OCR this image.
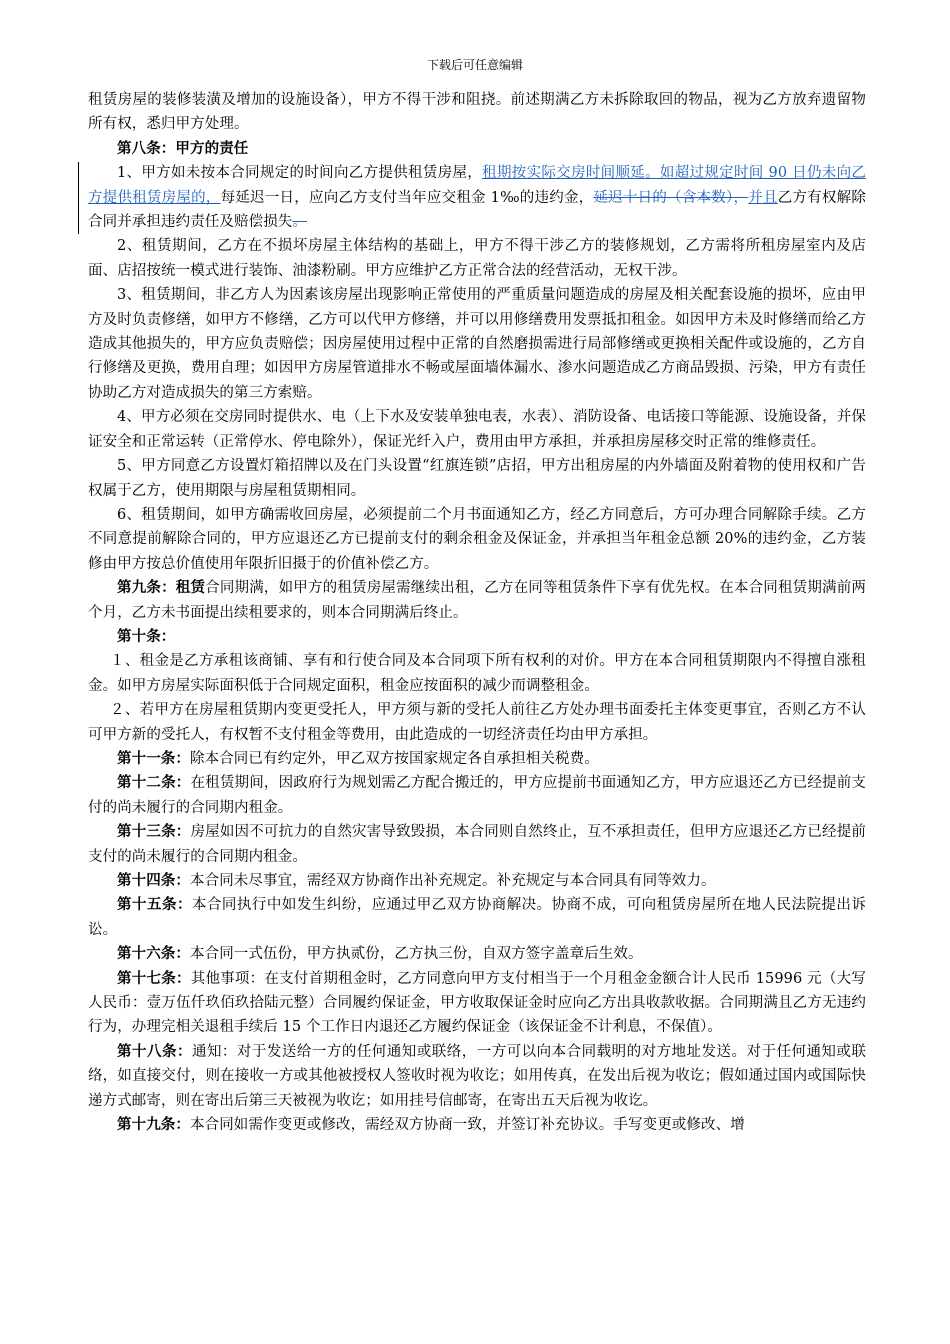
下载后可任意编辑

租赁房屋的装修装潢及增加的设施设备），甲方不得干涉和阻挠。前述期满乙方未拆除取回的物品，视为乙方放弃遗留物所有权，悉归甲方处理。

第八条：甲方的责任

1、甲方如未按本合同规定的时间向乙方提供租赁房屋，租期按实际交房时间顺延。如超过规定时间 90 日仍未向乙方提供租赁房屋的，每延迟一日，应向乙方支付当年应交租金 1‰的违约金，延迟十日的（含本数），并且乙方有权解除合同并承担违约责任及赔偿损失。

2、租赁期间，乙方在不损坏房屋主体结构的基础上，甲方不得干涉乙方的装修规划，乙方需将所租房屋室内及店面、店招按统一模式进行装饰、油漆粉刷。甲方应维护乙方正常合法的经营活动，无权干涉。

3、租赁期间，非乙方人为因素该房屋出现影响正常使用的严重质量问题造成的房屋及相关配套设施的损坏，应由甲方及时负责修缮，如甲方不修缮，乙方可以代甲方修缮，并可以用修缮费用发票抵扣租金。如因甲方未及时修缮而给乙方造成其他损失的，甲方应负责赔偿；因房屋使用过程中正常的自然磨损需进行局部修缮或更换相关配件或设施的，乙方自行修缮及更换，费用自理；如因甲方房屋管道排水不畅或屋面墙体漏水、渗水问题造成乙方商品毁损、污染，甲方有责任协助乙方对造成损失的第三方索赔。

4、甲方必须在交房同时提供水、电（上下水及安装单独电表，水表）、消防设备、电话接口等能源、设施设备，并保证安全和正常运转（正常停水、停电除外），保证光纤入户，费用由甲方承担，并承担房屋移交时正常的维修责任。

5、甲方同意乙方设置灯箱招牌以及在门头设置“红旗连锁”店招，甲方出租房屋的内外墙面及附着物的使用权和广告权属于乙方，使用期限与房屋租赁期相同。

6、租赁期间，如甲方确需收回房屋，必须提前二个月书面通知乙方，经乙方同意后，方可办理合同解除手续。乙方不同意提前解除合同的，甲方应退还乙方已提前支付的剩余租金及保证金，并承担当年租金总额 20%的违约金，乙方装修由甲方按总价值使用年限折旧摄于的价值补偿乙方。

第九条：租赁合同期满，如甲方的租赁房屋需继续出租，乙方在同等租赁条件下享有优先权。在本合同租赁期满前两个月，乙方未书面提出续租要求的，则本合同期满后终止。

第十条：

１、租金是乙方承租该商铺、享有和行使合同及本合同项下所有权利的对价。甲方在本合同租赁期限内不得擅自涨租金。如甲方房屋实际面积低于合同规定面积，租金应按面积的减少而调整租金。

２、若甲方在房屋租赁期内变更受托人，甲方须与新的受托人前往乙方处办理书面委托主体变更事宜，否则乙方不认可甲方新的受托人，有权暂不支付租金等费用，由此造成的一切经济责任均由甲方承担。

第十一条：除本合同已有约定外，甲乙双方按国家规定各自承担相关税费。

第十二条：在租赁期间，因政府行为规划需乙方配合搬迁的，甲方应提前书面通知乙方，甲方应退还乙方已经提前支付的尚未履行的合同期内租金。

第十三条：房屋如因不可抗力的自然灾害导致毁损，本合同则自然终止，互不承担责任，但甲方应退还乙方已经提前支付的尚未履行的合同期内租金。

第十四条：本合同未尽事宜，需经双方协商作出补充规定。补充规定与本合同具有同等效力。

第十五条：本合同执行中如发生纠纷，应通过甲乙双方协商解决。协商不成，可向租赁房屋所在地人民法院提出诉讼。

第十六条：本合同一式伍份，甲方执贰份，乙方执三份，自双方签字盖章后生效。

第十七条：其他事项：在支付首期租金时，乙方同意向甲方支付相当于一个月租金金额合计人民币 15996 元（大写人民币：壹万伍仟玖佰玖拾陆元整）合同履约保证金，甲方收取保证金时应向乙方出具收款收据。合同期满且乙方无违约行为，办理完相关退租手续后 15 个工作日内退还乙方履约保证金（该保证金不计利息，不保值）。

第十八条：通知：对于发送给一方的任何通知或联络，一方可以向本合同载明的对方地址发送。对于任何通知或联络，如直接交付，则在接收一方或其他被授权人签收时视为收讫；如用传真，在发出后视为收讫；假如通过国内或国际快递方式邮寄，则在寄出后第三天被视为收讫；如用挂号信邮寄，在寄出五天后视为收讫。

第十九条：本合同如需作变更或修改，需经双方协商一致，并签订补充协议。手写变更或修改、增
